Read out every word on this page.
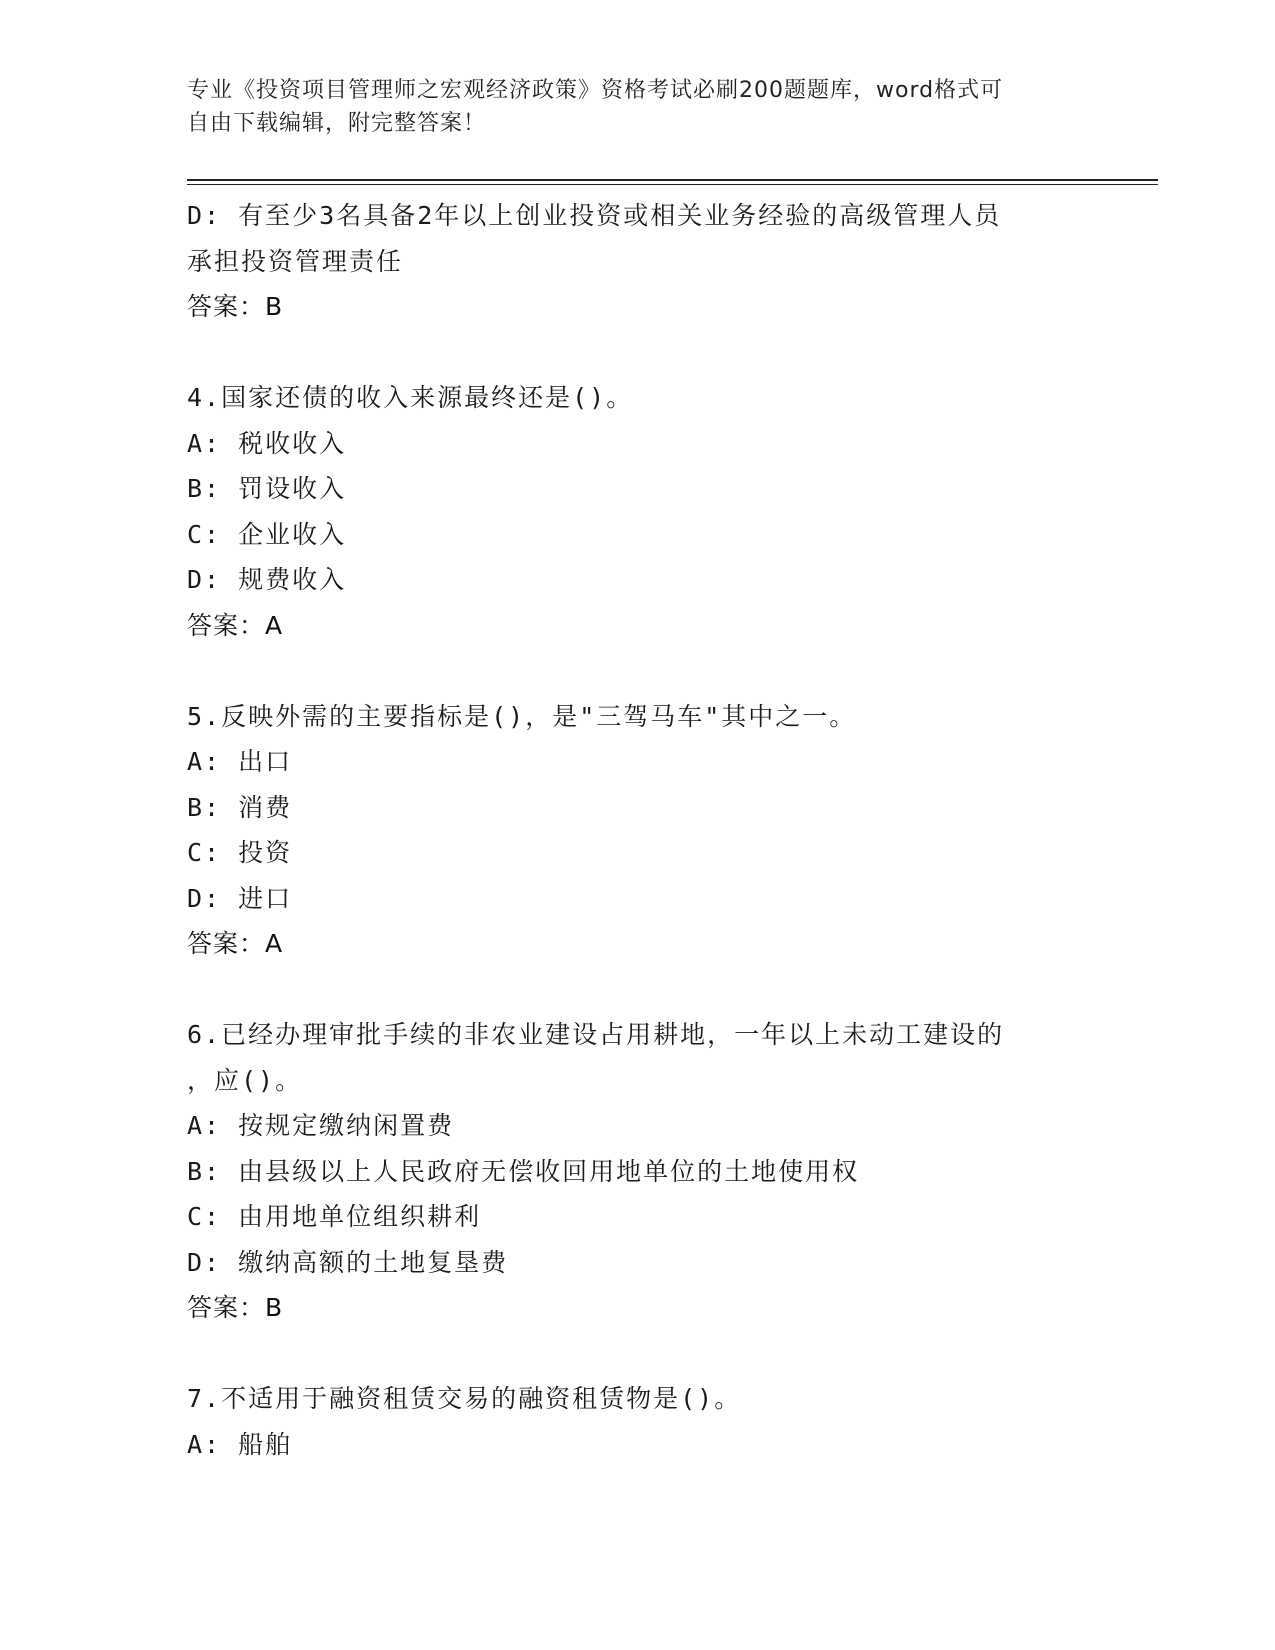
专业《投资项目管理师之宏观经济政策》资格考试必刷200题题库，word格式可
自由下载编辑，附完整答案！
D: 有至少3名具备2年以上创业投资或相关业务经验的高级管理人员
承担投资管理责任
答案：B
4.国家还债的收入来源最终还是()。
A: 税收收入
B: 罚设收入
C: 企业收入
D: 规费收入
答案：A
5.反映外需的主要指标是()，是"三驾马车"其中之一。
A: 出口
B: 消费
C: 投资
D: 进口
答案：A
6.已经办理审批手续的非农业建设占用耕地，一年以上未动工建设的
，应()。
A: 按规定缴纳闲置费
B: 由县级以上人民政府无偿收回用地单位的土地使用权
C: 由用地单位组织耕利
D: 缴纳高额的土地复垦费
答案：B
7.不适用于融资租赁交易的融资租赁物是()。
A: 船舶
